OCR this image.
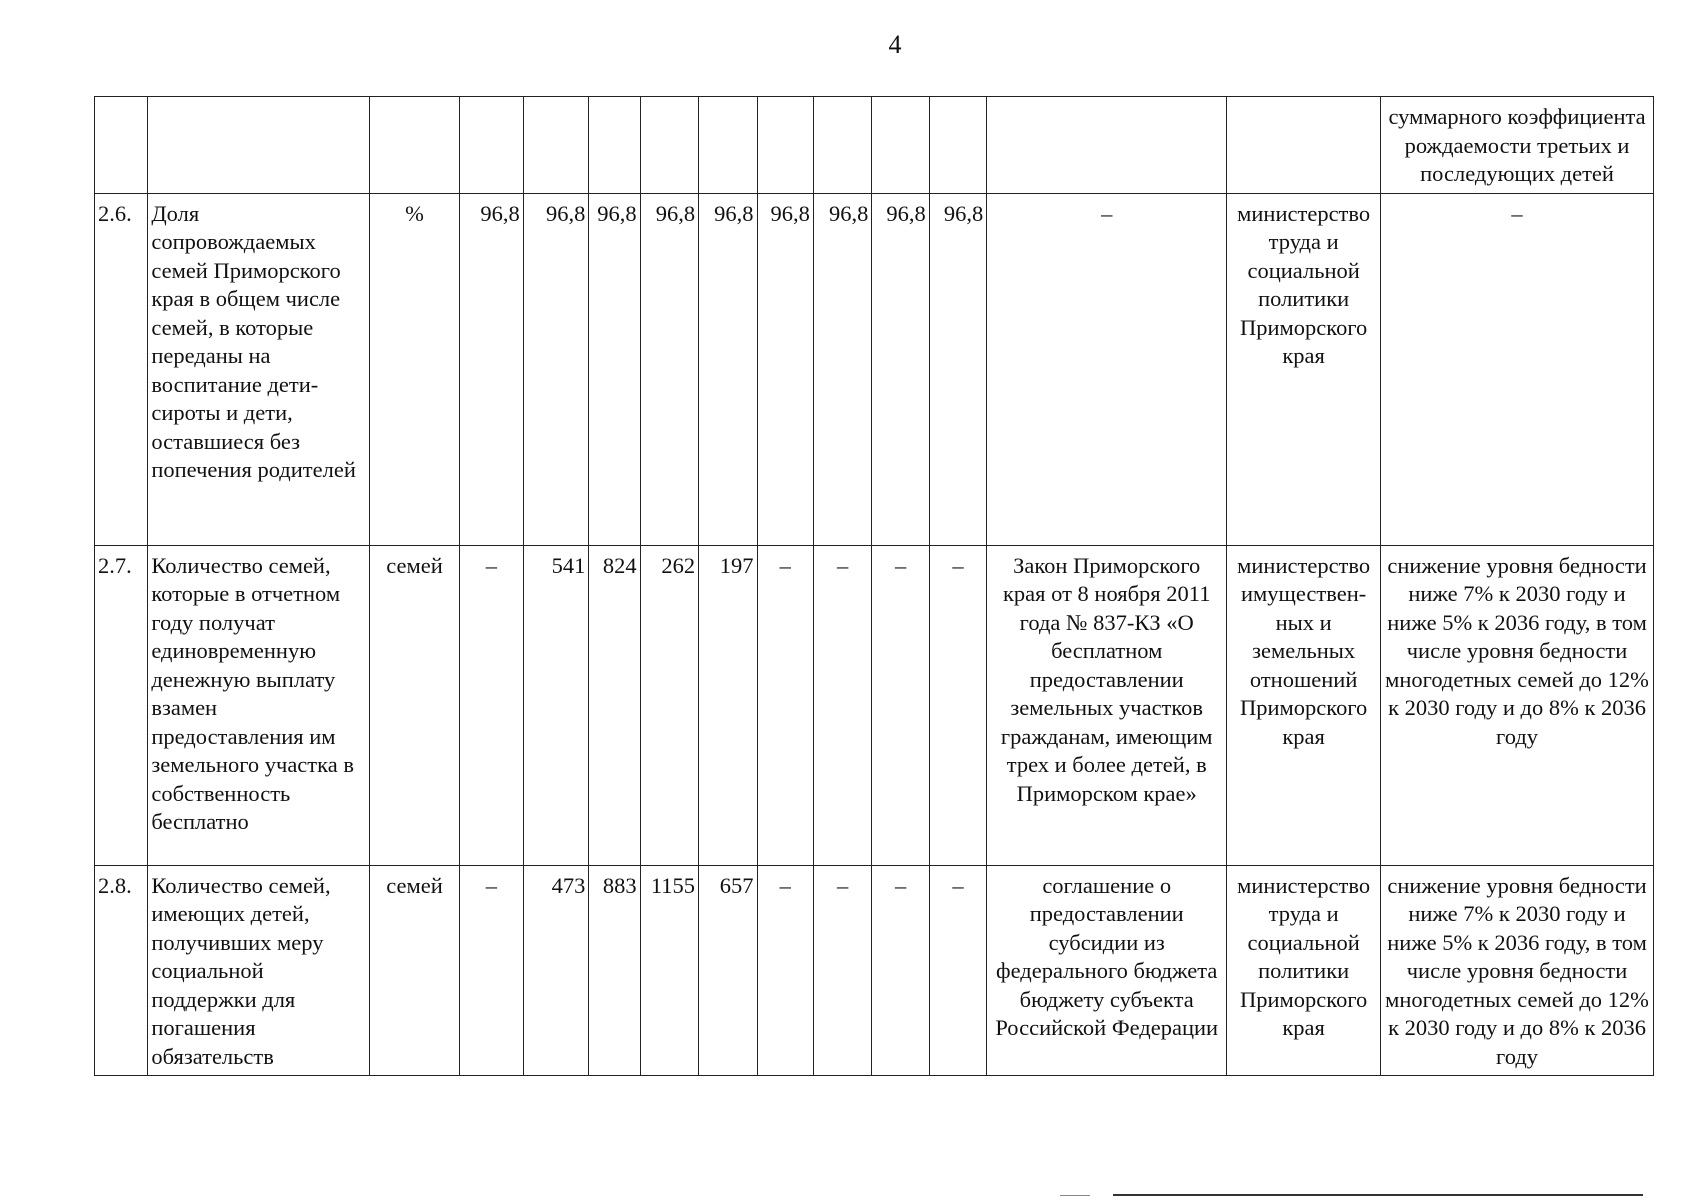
4
														суммарного коэффициента рождаемости третьих и последующих детей
2.6.	Доля сопровождаемых семей Приморского края в общем числе семей, в которые переданы на воспитание дети-сироты и дети, оставшиеся без попечения родителей	%	96,8	96,8	96,8	96,8	96,8	96,8	96,8	96,8	96,8	–	министерство труда и социальной политики Приморского края	–
2.7.	Количество семей, которые в отчетном году получат единовременную денежную выплату взамен предоставления им земельного участка в собственность бесплатно	семей	–	541	824	262	197	–	–	–	–	Закон Приморского края от 8 ноября 2011 года № 837-КЗ «О бесплатном предоставлении земельных участков гражданам, имеющим трех и более детей, в Приморском крае»	министерство имуществен-ных и земельных отношений Приморского края	снижение уровня бедности ниже 7% к 2030 году и ниже 5% к 2036 году, в том числе уровня бедности многодетных семей до 12% к 2030 году и до 8% к 2036 году
2.8.	Количество семей, имеющих детей, получивших меру социальной поддержки для погашения обязательств	семей	–	473	883	1155	657	–	–	–	–	соглашение о предоставлении субсидии из федерального бюджета бюджету субъекта Российской Федерации	министерство труда и социальной политики Приморского края	снижение уровня бедности ниже 7% к 2030 году и ниже 5% к 2036 году, в том числе уровня бедности многодетных семей до 12% к 2030 году и до 8% к 2036 году
